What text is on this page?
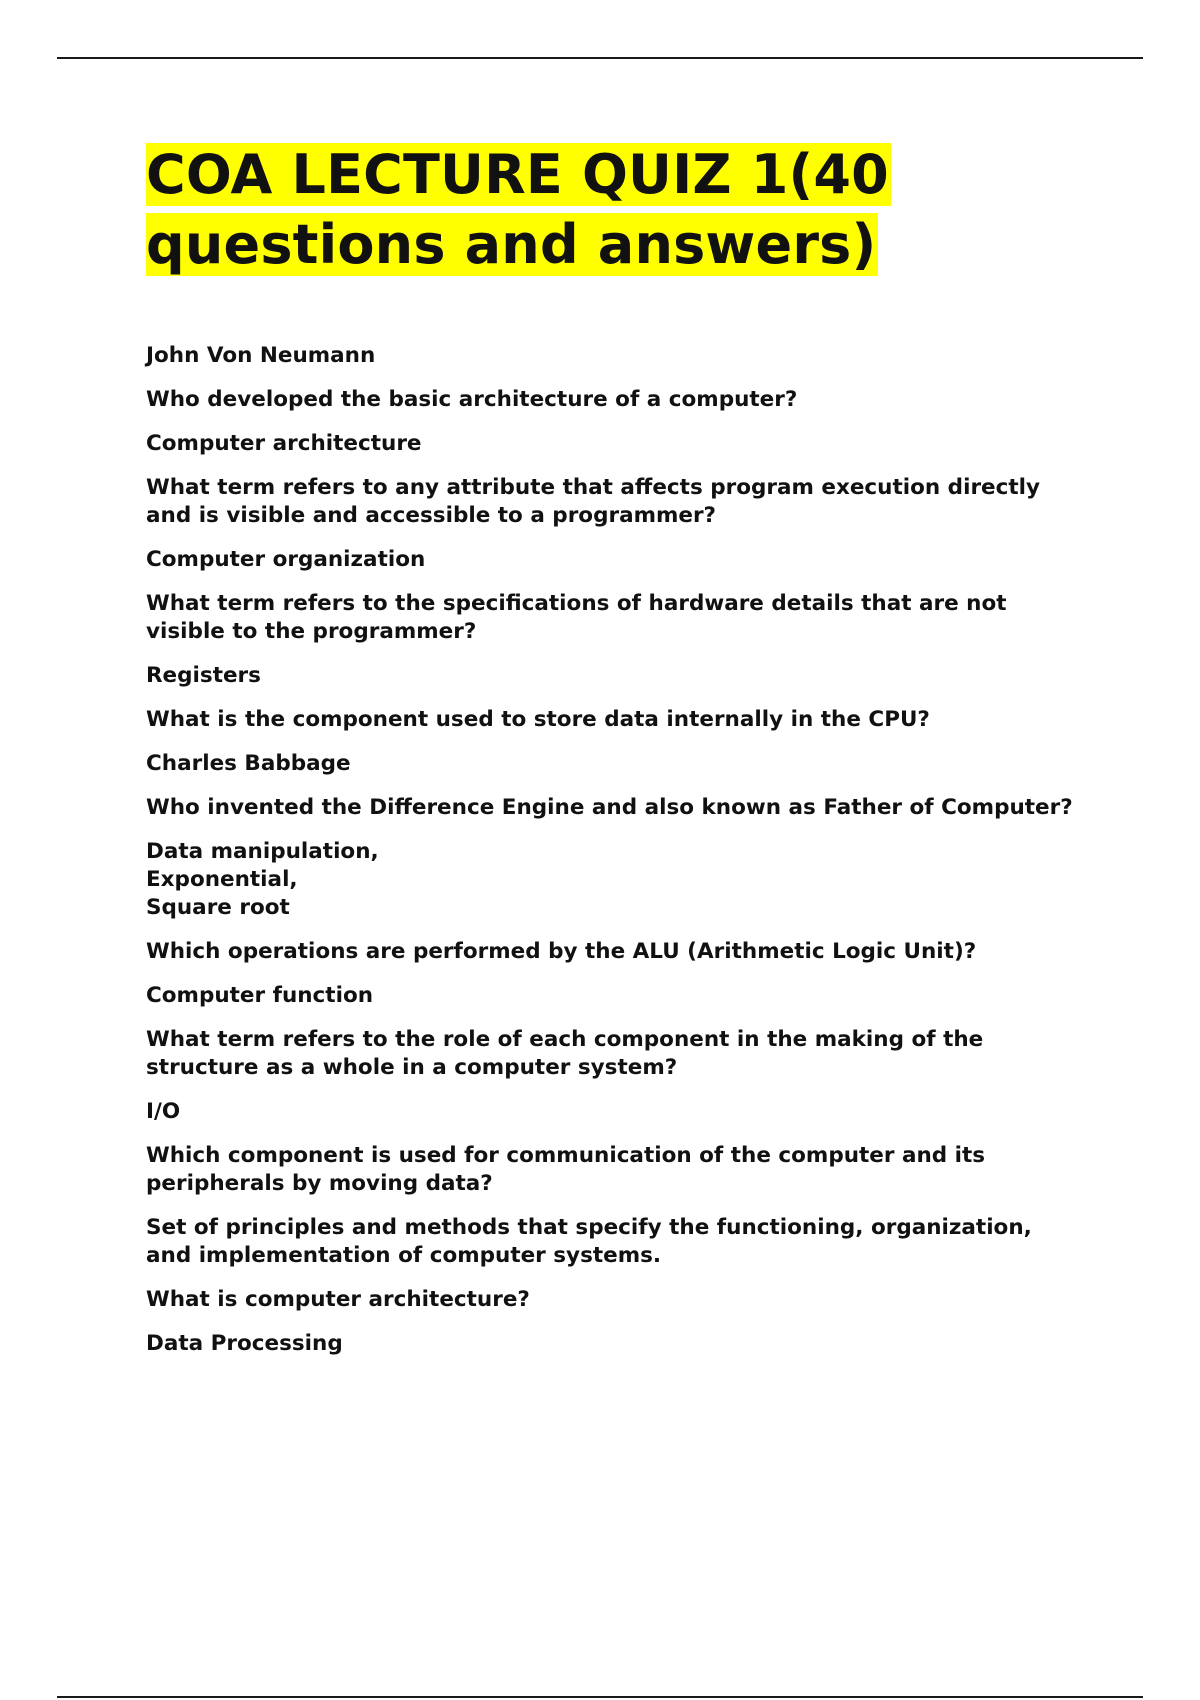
COA LECTURE QUIZ 1(40 questions and answers)
John Von Neumann
Who developed the basic architecture of a computer?
Computer architecture
What term refers to any attribute that affects program execution directly and is visible and accessible to a programmer?
Computer organization
What term refers to the specifications of hardware details that are not visible to the programmer?
Registers
What is the component used to store data internally in the CPU?
Charles Babbage
Who invented the Difference Engine and also known as Father of Computer?
Data manipulation,
Exponential,
Square root
Which operations are performed by the ALU (Arithmetic Logic Unit)?
Computer function
What term refers to the role of each component in the making of the structure as a whole in a computer system?
I/O
Which component is used for communication of the computer and its peripherals by moving data?
Set of principles and methods that specify the functioning, organization, and implementation of computer systems.
What is computer architecture?
Data Processing
